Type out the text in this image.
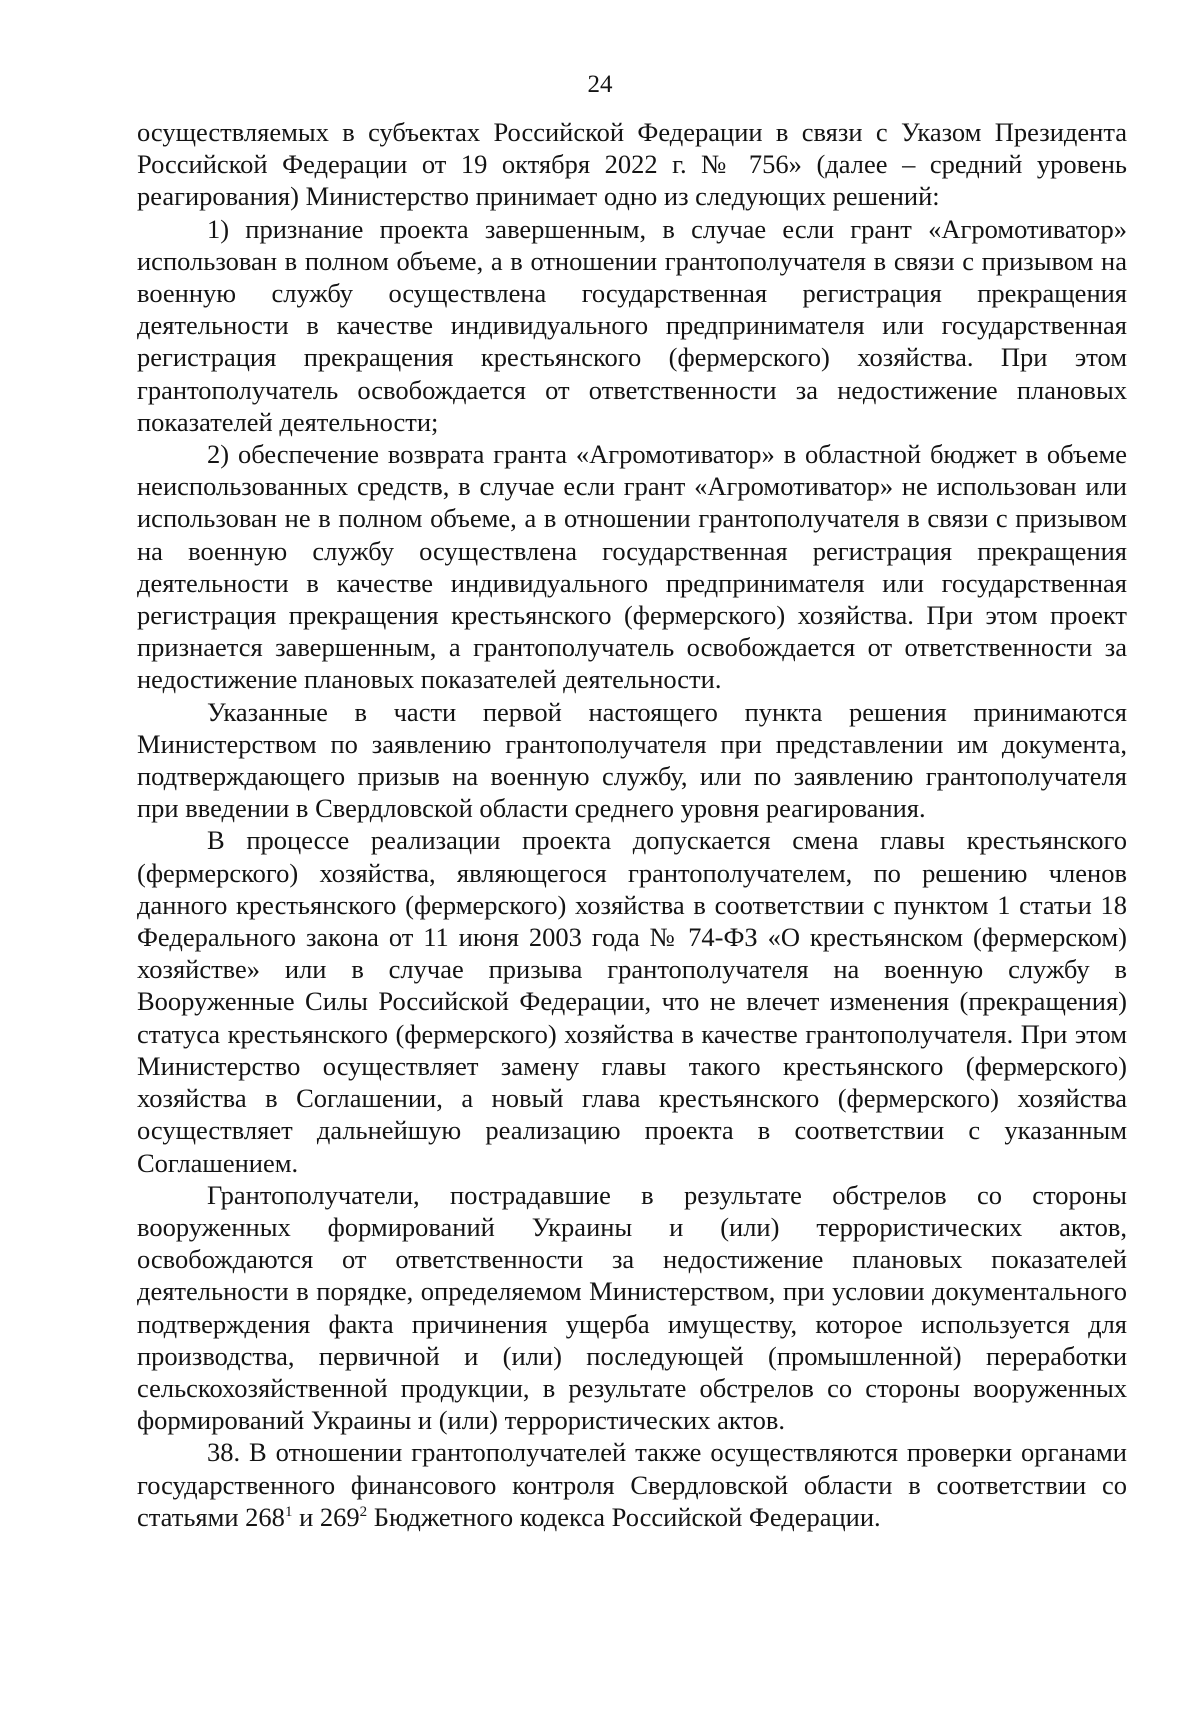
24

осуществляемых в субъектах Российской Федерации в связи с Указом Президента Российской Федерации от 19 октября 2022 г. № 756» (далее – средний уровень реагирования) Министерство принимает одно из следующих решений:

1) признание проекта завершенным, в случае если грант «Агромотиватор» использован в полном объеме, а в отношении грантополучателя в связи с призывом на военную службу осуществлена государственная регистрация прекращения деятельности в качестве индивидуального предпринимателя или государственная регистрация прекращения крестьянского (фермерского) хозяйства. При этом грантополучатель освобождается от ответственности за недостижение плановых показателей деятельности;

2) обеспечение возврата гранта «Агромотиватор» в областной бюджет в объеме неиспользованных средств, в случае если грант «Агромотиватор» не использован или использован не в полном объеме, а в отношении грантополучателя в связи с призывом на военную службу осуществлена государственная регистрация прекращения деятельности в качестве индивидуального предпринимателя или государственная регистрация прекращения крестьянского (фермерского) хозяйства. При этом проект признается завершенным, а грантополучатель освобождается от ответственности за недостижение плановых показателей деятельности.

Указанные в части первой настоящего пункта решения принимаются Министерством по заявлению грантополучателя при представлении им документа, подтверждающего призыв на военную службу, или по заявлению грантополучателя при введении в Свердловской области среднего уровня реагирования.

В процессе реализации проекта допускается смена главы крестьянского (фермерского) хозяйства, являющегося грантополучателем, по решению членов данного крестьянского (фермерского) хозяйства в соответствии с пунктом 1 статьи 18 Федерального закона от 11 июня 2003 года № 74-ФЗ «О крестьянском (фермерском) хозяйстве» или в случае призыва грантополучателя на военную службу в Вооруженные Силы Российской Федерации, что не влечет изменения (прекращения) статуса крестьянского (фермерского) хозяйства в качестве грантополучателя. При этом Министерство осуществляет замену главы такого крестьянского (фермерского) хозяйства в Соглашении, а новый глава крестьянского (фермерского) хозяйства осуществляет дальнейшую реализацию проекта в соответствии с указанным Соглашением.

Грантополучатели, пострадавшие в результате обстрелов со стороны вооруженных формирований Украины и (или) террористических актов, освобождаются от ответственности за недостижение плановых показателей деятельности в порядке, определяемом Министерством, при условии документального подтверждения факта причинения ущерба имуществу, которое используется для производства, первичной и (или) последующей (промышленной) переработки сельскохозяйственной продукции, в результате обстрелов со стороны вооруженных формирований Украины и (или) террористических актов.

38. В отношении грантополучателей также осуществляются проверки органами государственного финансового контроля Свердловской области в соответствии со статьями $268^1$ и $269^2$ Бюджетного кодекса Российской Федерации.
